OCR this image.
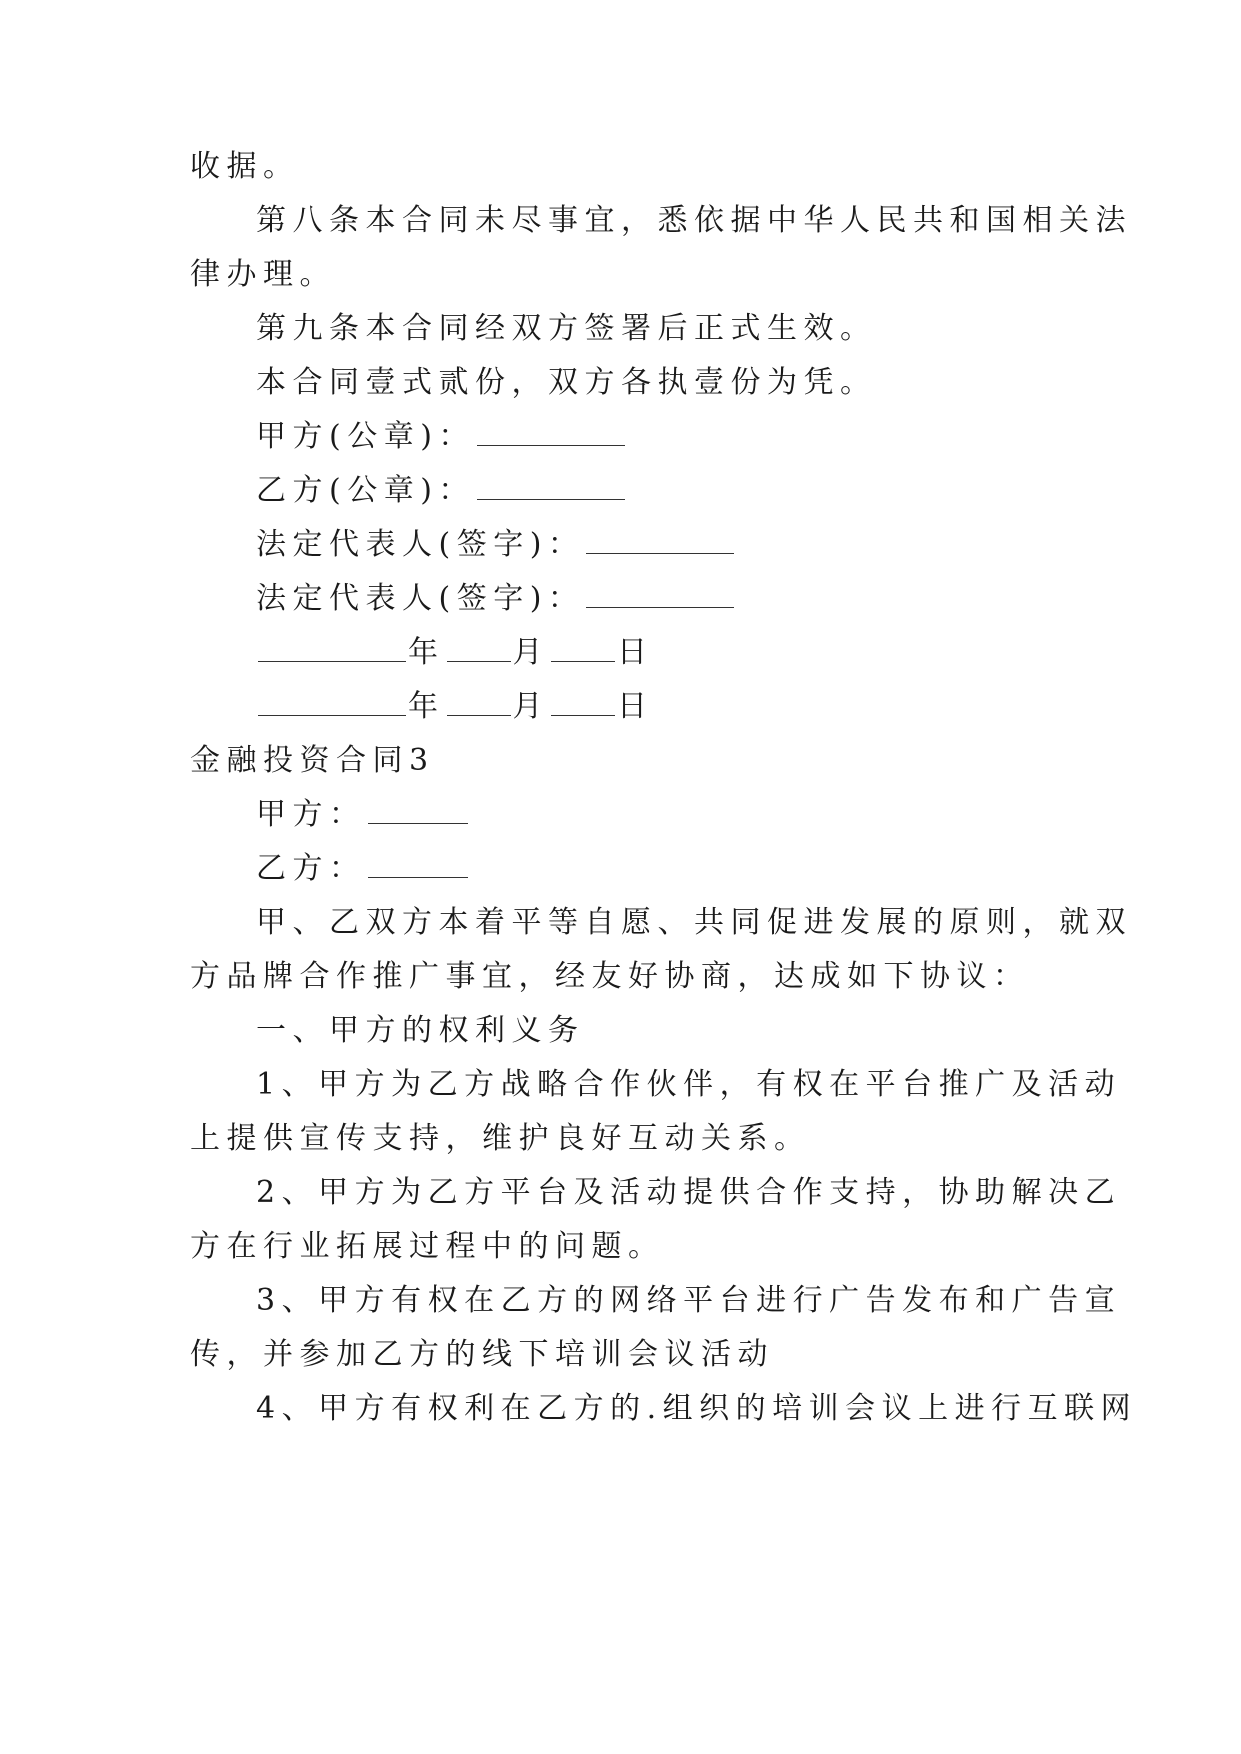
收据。
第八条本合同未尽事宜，悉依据中华人民共和国相关法
律办理。
第九条本合同经双方签署后正式生效。
本合同壹式贰份，双方各执壹份为凭。
甲方(公章)：
乙方(公章)：
法定代表人(签字)：
法定代表人(签字)：
年 月 日
年 月 日
金融投资合同3
甲方：
乙方：
甲、乙双方本着平等自愿、共同促进发展的原则，就双
方品牌合作推广事宜，经友好协商，达成如下协议：
一、甲方的权利义务
1、甲方为乙方战略合作伙伴，有权在平台推广及活动
上提供宣传支持，维护良好互动关系。
2、甲方为乙方平台及活动提供合作支持，协助解决乙
方在行业拓展过程中的问题。
3、甲方有权在乙方的网络平台进行广告发布和广告宣
传，并参加乙方的线下培训会议活动
4、甲方有权利在乙方的.组织的培训会议上进行互联网
